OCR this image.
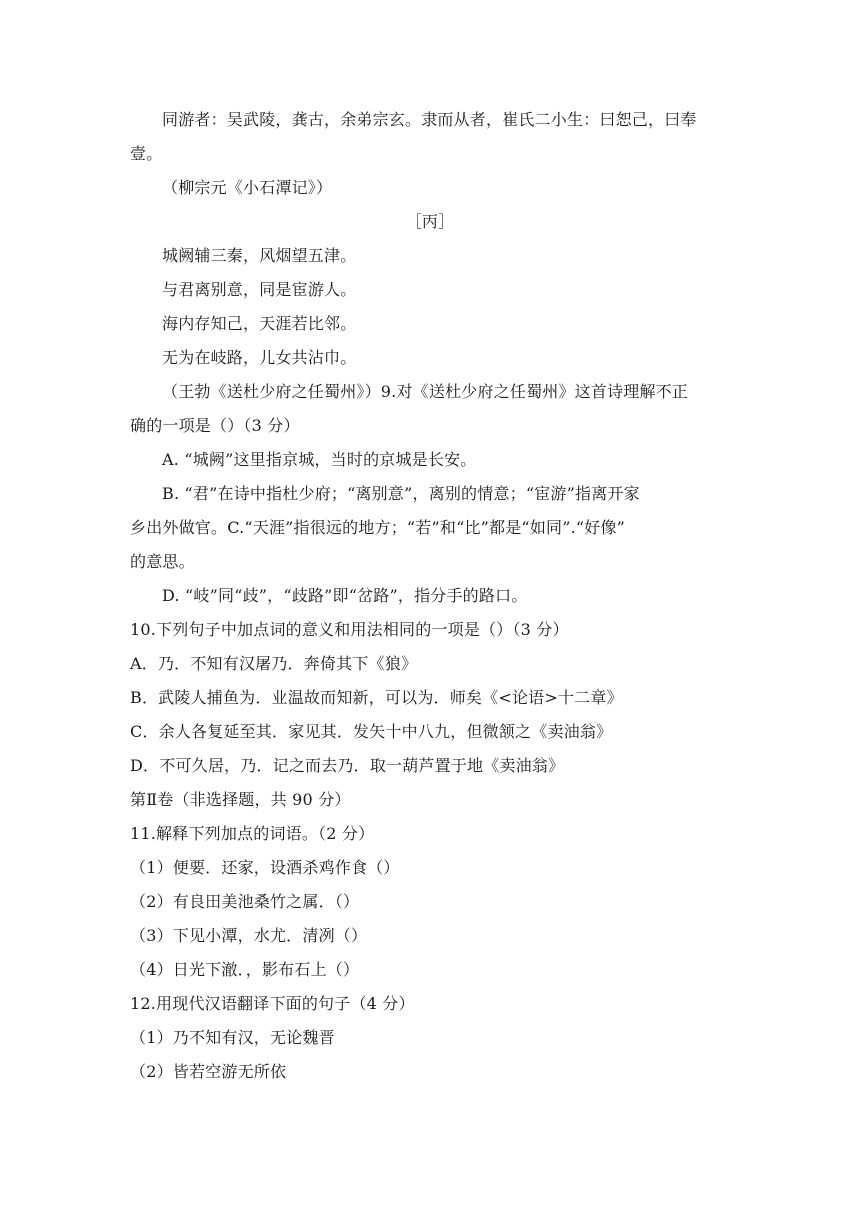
同游者：吴武陵，龚古，余弟宗玄。隶而从者，崔氏二小生：曰恕己，曰奉
壹。
（柳宗元《小石潭记》）
［丙］
城阙辅三秦，风烟望五津。
与君离别意，同是宦游人。
海内存知己，天涯若比邻。
无为在岐路，儿女共沾巾。
（王勃《送杜少府之任蜀州》）9.对《送杜少府之任蜀州》这首诗理解不正
确的一项是（）（3 分）
A. “城阙”这里指京城，当时的京城是长安。
B. “君”在诗中指杜少府；“离别意”，离别的情意；“宦游”指离开家
乡出外做官。C.“天涯”指很远的地方；“若”和“比”都是“如同”.“好像”
的意思。
D. “岐”同“歧”，“歧路”即“岔路”，指分手的路口。
10.下列句子中加点词的意义和用法相同的一项是（）（3 分）
A．乃．不知有汉屠乃．奔倚其下《狼》
B．武陵人捕鱼为．业温故而知新，可以为．师矣《<论语>十二章》
C．余人各复延至其．家见其．发矢十中八九，但微颔之《卖油翁》
D．不可久居，乃．记之而去乃．取一葫芦置于地《卖油翁》
第Ⅱ卷（非选择题，共 90 分）
11.解释下列加点的词语。（2 分）
（1）便要．还家，设酒杀鸡作食（）
（2）有良田美池桑竹之属．（）
（3）下见小潭，水尤．清冽（）
（4）日光下澈．，影布石上（）
12.用现代汉语翻译下面的句子（4 分）
（1）乃不知有汉，无论魏晋
（2）皆若空游无所依
